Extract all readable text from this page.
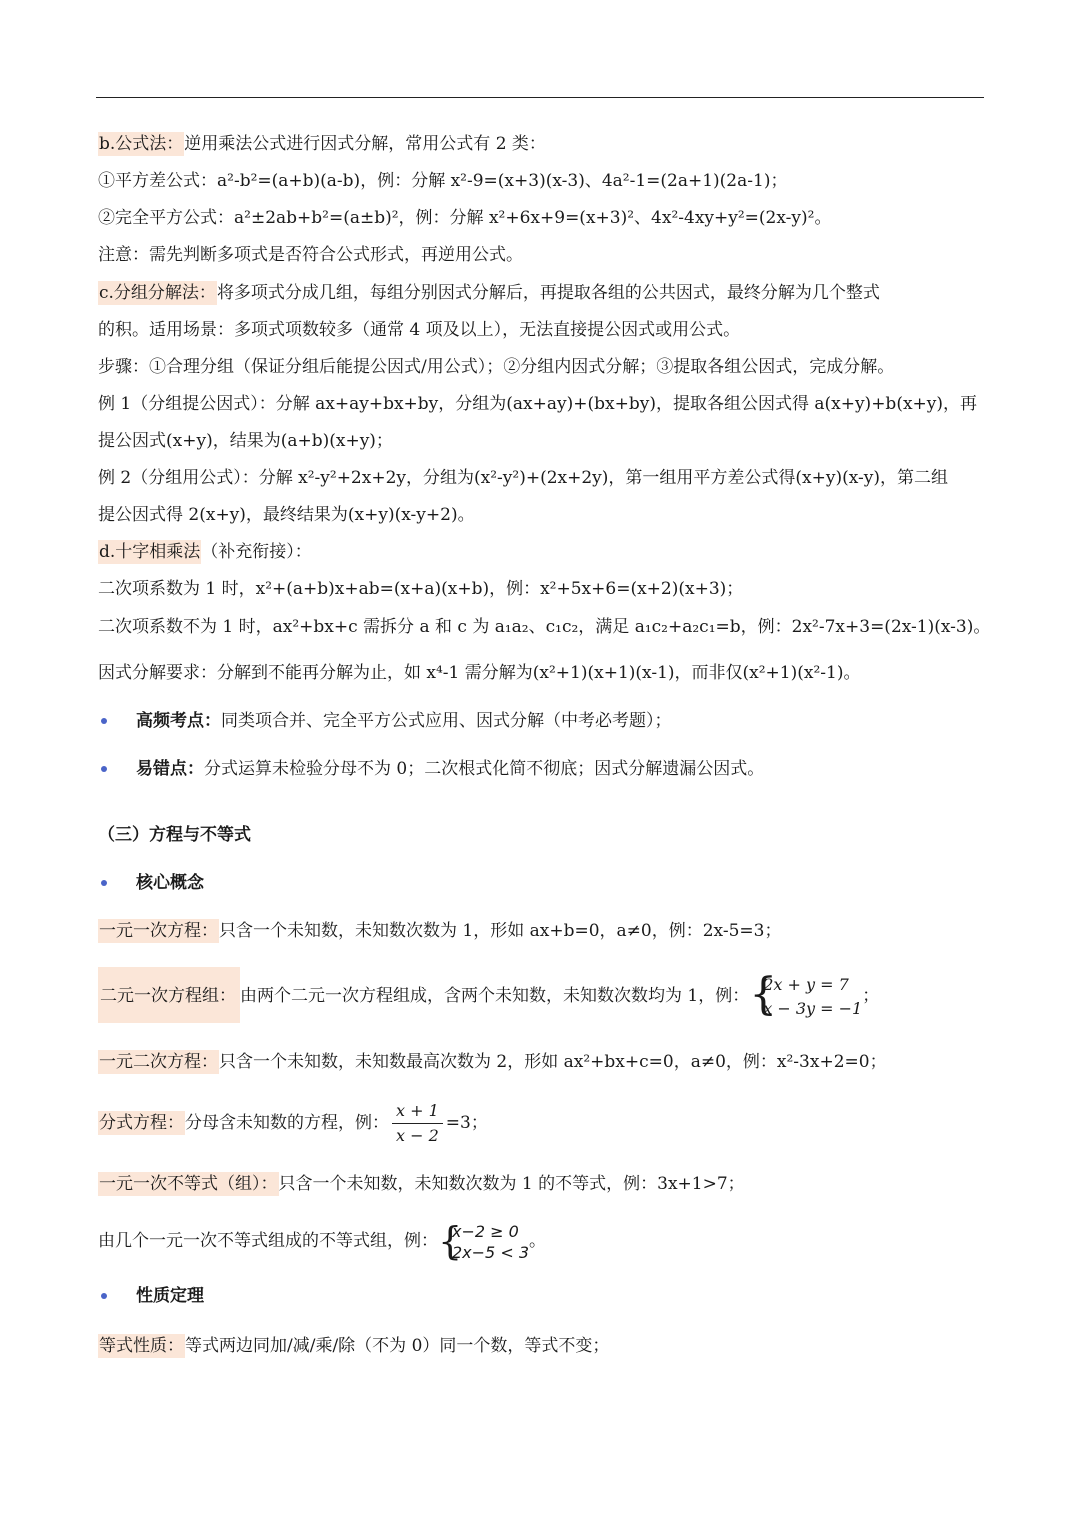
b.公式法：逆用乘法公式进行因式分解，常用公式有 2 类：
①平方差公式：a²-b²=(a+b)(a-b)，例：分解 x²-9=(x+3)(x-3)、4a²-1=(2a+1)(2a-1)；
②完全平方公式：a²±2ab+b²=(a±b)²，例：分解 x²+6x+9=(x+3)²、4x²-4xy+y²=(2x-y)²。
注意：需先判断多项式是否符合公式形式，再逆用公式。
c.分组分解法：将多项式分成几组，每组分别因式分解后，再提取各组的公共因式，最终分解为几个整式
的积。适用场景：多项式项数较多（通常 4 项及以上），无法直接提公因式或用公式。
步骤：①合理分组（保证分组后能提公因式/用公式）；②分组内因式分解；③提取各组公因式，完成分解。
例 1（分组提公因式）：分解 ax+ay+bx+by，分组为(ax+ay)+(bx+by)，提取各组公因式得 a(x+y)+b(x+y)，再
提公因式(x+y)，结果为(a+b)(x+y)；
例 2（分组用公式）：分解 x²-y²+2x+2y，分组为(x²-y²)+(2x+2y)，第一组用平方差公式得(x+y)(x-y)，第二组
提公因式得 2(x+y)，最终结果为(x+y)(x-y+2)。
d.十字相乘法（补充衔接）：
二次项系数为 1 时，x²+(a+b)x+ab=(x+a)(x+b)，例：x²+5x+6=(x+2)(x+3)；
二次项系数不为 1 时，ax²+bx+c 需拆分 a 和 c 为 a₁a₂、c₁c₂，满足 a₁c₂+a₂c₁=b，例：2x²-7x+3=(2x-1)(x-3)。
因式分解要求：分解到不能再分解为止，如 x⁴-1 需分解为(x²+1)(x+1)(x-1)，而非仅(x²+1)(x²-1)。
高频考点：同类项合并、完全平方公式应用、因式分解（中考必考题）；
易错点：分式运算未检验分母不为 0；二次根式化简不彻底；因式分解遗漏公因式。
（三）方程与不等式
核心概念
一元一次方程：只含一个未知数，未知数次数为 1，形如 ax+b=0，a≠0，例：2x-5=3；
二元一次方程组： 由两个二元一次方程组成，含两个未知数，未知数次数均为 1，例： {
2x + y = 7
x − 3y = −1
；
一元二次方程：只含一个未知数，未知数最高次数为 2，形如 ax²+bx+c=0，a≠0，例：x²-3x+2=0；
分式方程：分母含未知数的方程，例： $\frac{x + 1}{x - 2} =3$；
一元一次不等式（组）：只含一个未知数，未知数次数为 1 的不等式，例：3x+1>7；
由几个一元一次不等式组成的不等式组，例： {
x−2 ≥ 0
2x−5 < 3
。
性质定理
等式性质：等式两边同加/减/乘/除（不为 0）同一个数，等式不变；
